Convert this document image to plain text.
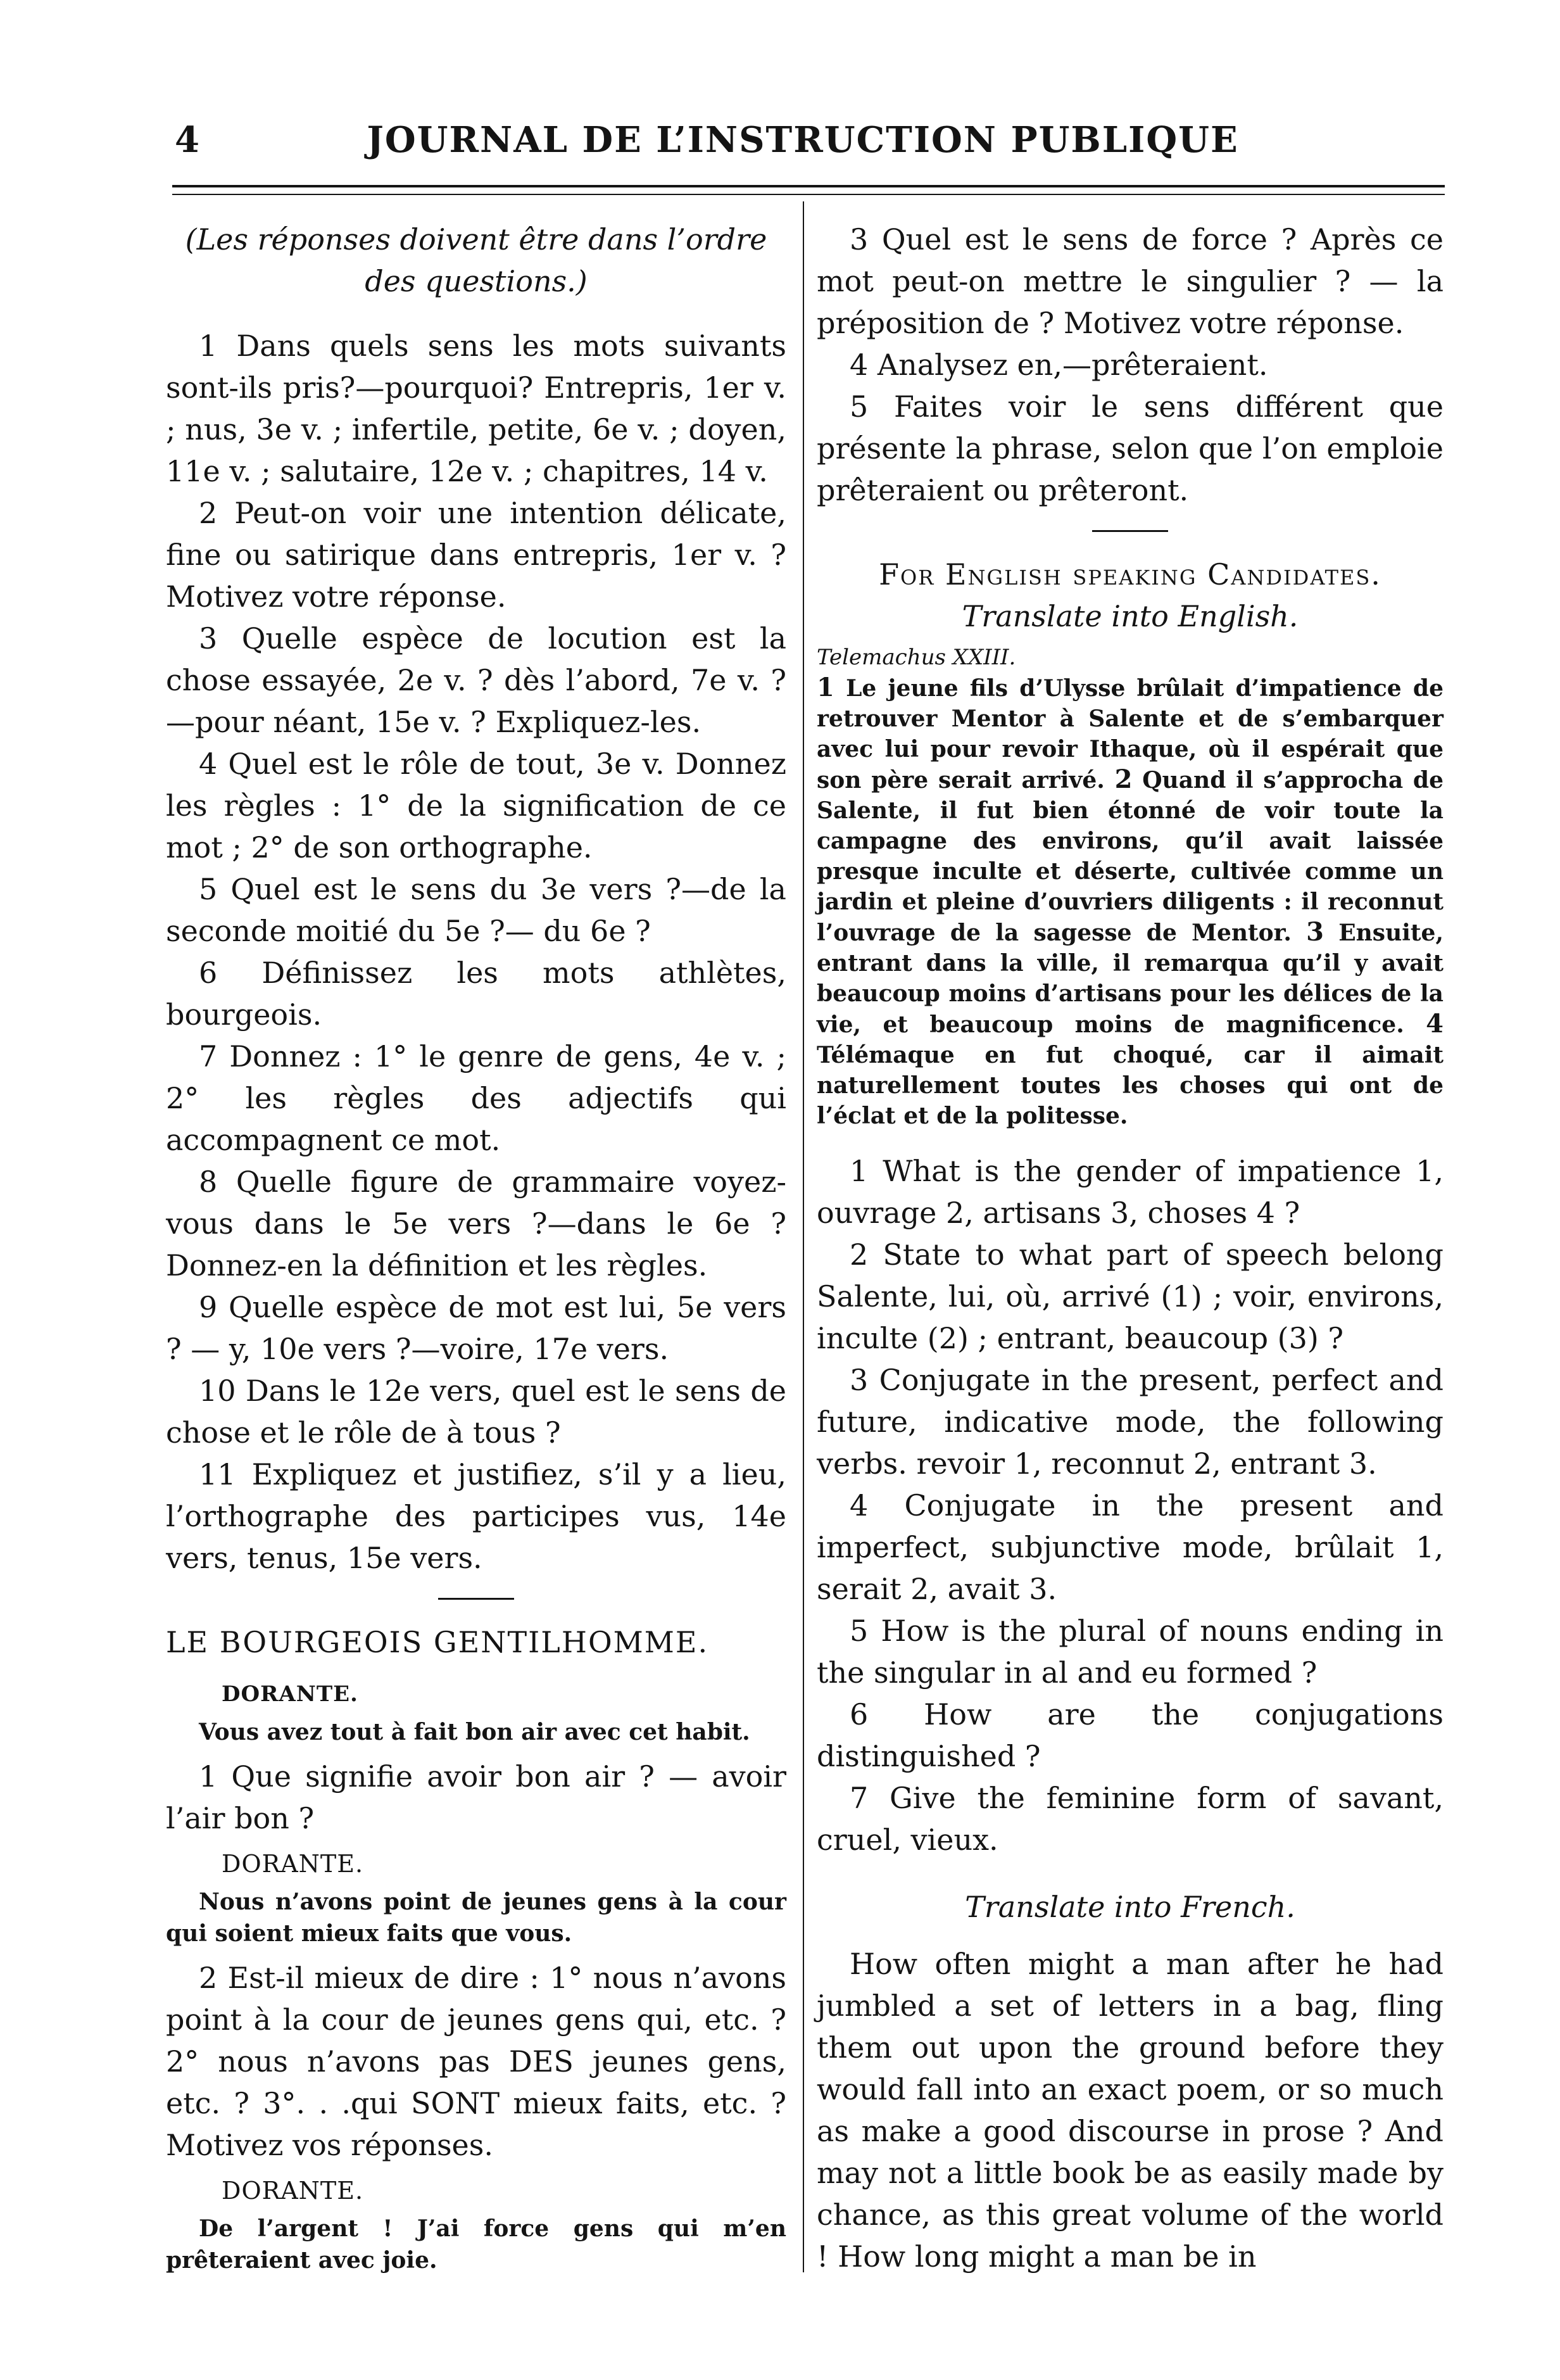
4	JOURNAL DE L’INSTRUCTION PUBLIQUE

(Les réponses doivent être dans l’ordre des questions.)

1 Dans quels sens les mots suivants sont-ils pris?—pourquoi? Entrepris, 1er v. ; nus, 3e v. ; infertile, petite, 6e v. ; doyen, 11e v. ; salutaire, 12e v. ; chapitres, 14 v.

2 Peut-on voir une intention délicate, fine ou satirique dans entrepris, 1er v. ? Motivez votre réponse.

3 Quelle espèce de locution est la chose essayée, 2e v. ? dès l’abord, 7e v. ?—pour néant, 15e v. ? Expliquez-les.

4 Quel est le rôle de tout, 3e v. Donnez les règles : 1° de la signification de ce mot ; 2° de son orthographe.

5 Quel est le sens du 3e vers ?—de la seconde moitié du 5e ?— du 6e ?

6 Définissez les mots athlètes, bourgeois.

7 Donnez : 1° le genre de gens, 4e v. ; 2° les règles des adjectifs qui accompagnent ce mot.

8 Quelle figure de grammaire voyez-vous dans le 5e vers ?—dans le 6e ? Donnez-en la définition et les règles.

9 Quelle espèce de mot est lui, 5e vers ? — y, 10e vers ?—voire, 17e vers.

10 Dans le 12e vers, quel est le sens de chose et le rôle de à tous ?

11 Expliquez et justifiez, s’il y a lieu, l’orthographe des participes vus, 14e vers, tenus, 15e vers.

LE BOURGEOIS GENTILHOMME.

DORANTE.

Vous avez tout à fait bon air avec cet habit.

1 Que signifie avoir bon air ? — avoir l’air bon ?

DORANTE.

Nous n’avons point de jeunes gens à la cour qui soient mieux faits que vous.

2 Est-il mieux de dire : 1° nous n’avons point à la cour de jeunes gens qui, etc. ? 2° nous n’avons pas DES jeunes gens, etc. ? 3°. . .qui SONT mieux faits, etc. ? Motivez vos réponses.

DORANTE.

De l’argent ! J’ai force gens qui m’en prêteraient avec joie.

3 Quel est le sens de force ? Après ce mot peut-on mettre le singulier ? — la préposition de ? Motivez votre réponse.

4 Analysez en,—prêteraient.

5 Faites voir le sens différent que présente la phrase, selon que l’on emploie prêteraient ou prêteront.

For English speaking Candidates.

Translate into English.

Telemachus XXIII.

1 Le jeune fils d’Ulysse brûlait d’impatience de retrouver Mentor à Salente et de s’embarquer avec lui pour revoir Ithaque, où il espérait que son père serait arrivé. 2 Quand il s’approcha de Salente, il fut bien étonné de voir toute la campagne des environs, qu’il avait laissée presque inculte et déserte, cultivée comme un jardin et pleine d’ouvriers diligents : il reconnut l’ouvrage de la sagesse de Mentor. 3 Ensuite, entrant dans la ville, il remarqua qu’il y avait beaucoup moins d’artisans pour les délices de la vie, et beaucoup moins de magnificence. 4 Télémaque en fut choqué, car il aimait naturellement toutes les choses qui ont de l’éclat et de la politesse.

1 What is the gender of impatience 1, ouvrage 2, artisans 3, choses 4 ?

2 State to what part of speech belong Salente, lui, où, arrivé (1) ; voir, environs, inculte (2) ; entrant, beaucoup (3) ?

3 Conjugate in the present, perfect and future, indicative mode, the following verbs. revoir 1, reconnut 2, entrant 3.

4 Conjugate in the present and imperfect, subjunctive mode, brûlait 1, serait 2, avait 3.

5 How is the plural of nouns ending in the singular in al and eu formed ?

6 How are the conjugations distinguished ?

7 Give the feminine form of savant, cruel, vieux.

Translate into French.

How often might a man after he had jumbled a set of letters in a bag, fling them out upon the ground before they would fall into an exact poem, or so much as make a good discourse in prose ? And may not a little book be as easily made by chance, as this great volume of the world ! How long might a man be in
